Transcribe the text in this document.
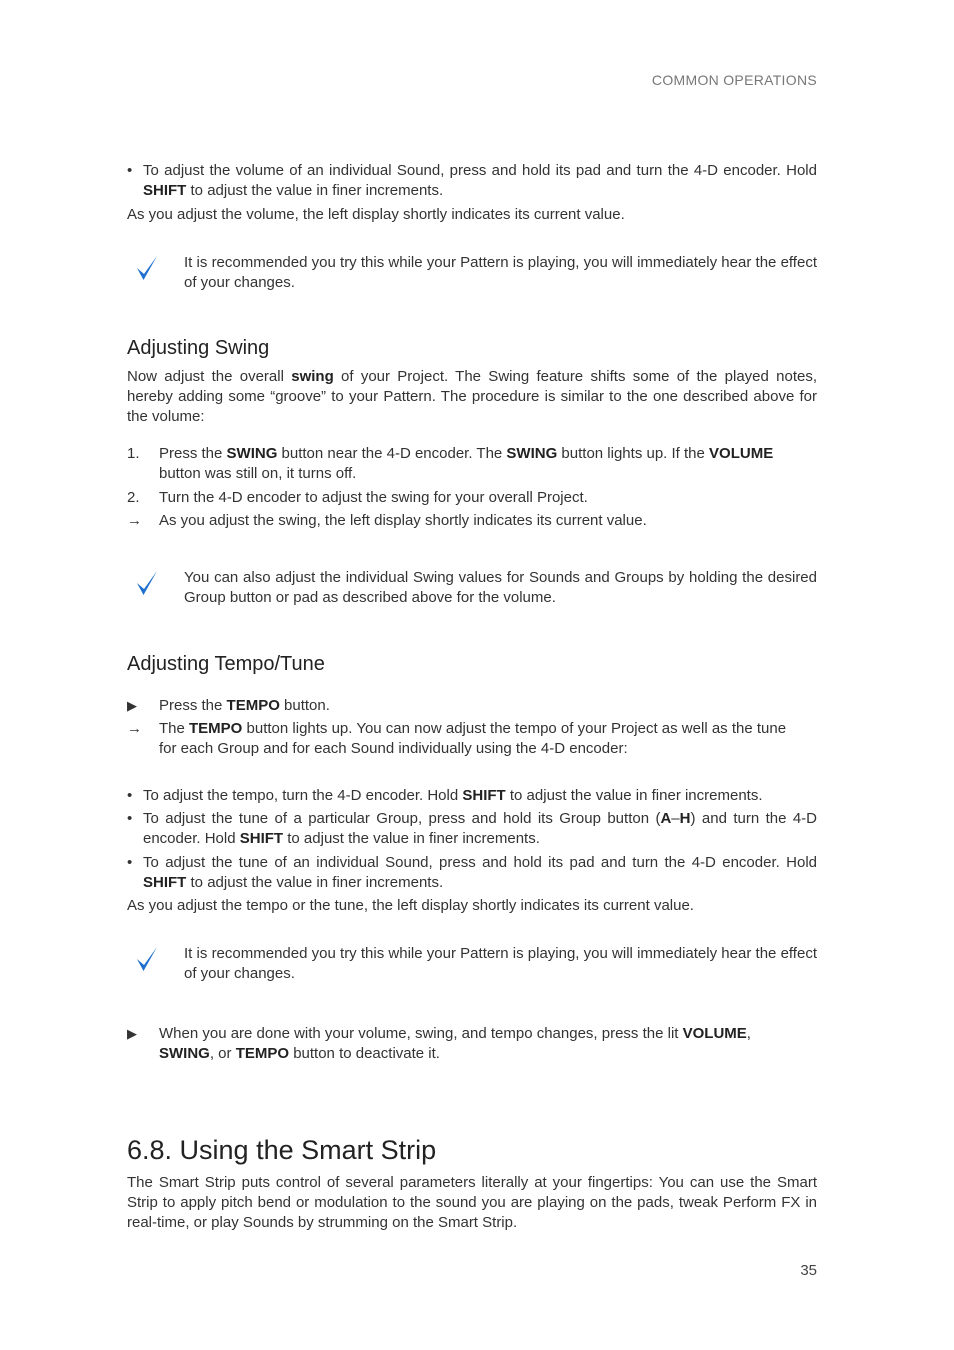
COMMON OPERATIONS
• To adjust the volume of an individual Sound, press and hold its pad and turn the 4-D encoder. Hold SHIFT to adjust the value in finer increments.
As you adjust the volume, the left display shortly indicates its current value.
It is recommended you try this while your Pattern is playing, you will immediately hear the effect of your changes.
Adjusting Swing
Now adjust the overall swing of your Project. The Swing feature shifts some of the played notes, hereby adding some “groove” to your Pattern. The procedure is similar to the one described above for the volume:
1.	Press the SWING button near the 4-D encoder. The SWING button lights up. If the VOLUME button was still on, it turns off.
2.	Turn the 4-D encoder to adjust the swing for your overall Project.
→	As you adjust the swing, the left display shortly indicates its current value.
You can also adjust the individual Swing values for Sounds and Groups by holding the desired Group button or pad as described above for the volume.
Adjusting Tempo/Tune
▶	Press the TEMPO button.
→	The TEMPO button lights up. You can now adjust the tempo of your Project as well as the tune for each Group and for each Sound individually using the 4-D encoder:
• To adjust the tempo, turn the 4-D encoder. Hold SHIFT to adjust the value in finer increments.
• To adjust the tune of a particular Group, press and hold its Group button (A–H) and turn the 4-D encoder. Hold SHIFT to adjust the value in finer increments.
• To adjust the tune of an individual Sound, press and hold its pad and turn the 4-D encoder. Hold SHIFT to adjust the value in finer increments.
As you adjust the tempo or the tune, the left display shortly indicates its current value.
It is recommended you try this while your Pattern is playing, you will immediately hear the effect of your changes.
▶	When you are done with your volume, swing, and tempo changes, press the lit VOLUME, SWING, or TEMPO button to deactivate it.
6.8. Using the Smart Strip
The Smart Strip puts control of several parameters literally at your fingertips: You can use the Smart Strip to apply pitch bend or modulation to the sound you are playing on the pads, tweak Perform FX in real-time, or play Sounds by strumming on the Smart Strip.
35
